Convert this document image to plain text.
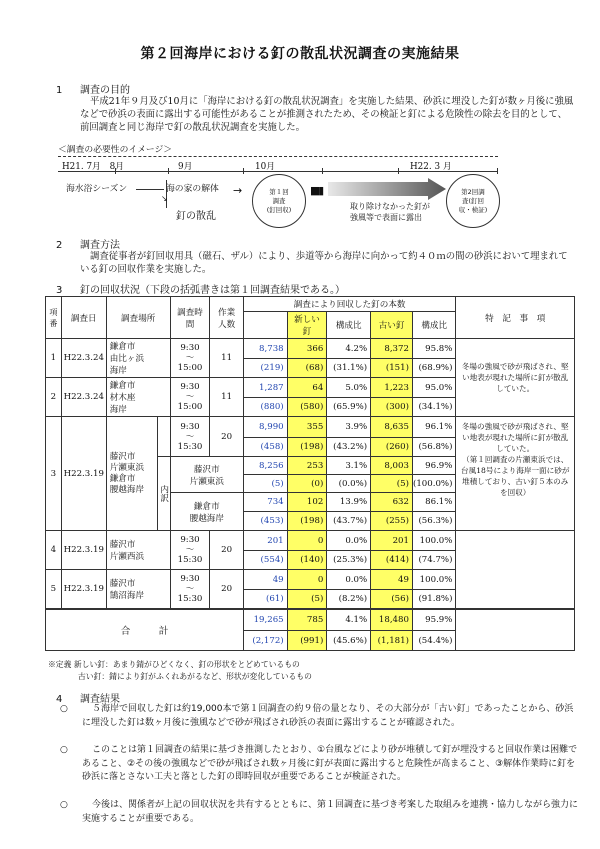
第２回海岸における釘の散乱状況調査の実施結果
1 調査の目的
平成21年９月及び10月に「海岸における釘の散乱状況調査」を実施した結果、砂浜に埋没した釘が数ヶ月後に強風などで砂浜の表面に露出する可能性があることが推測されたため、その検証と釘による危険性の除去を目的として、前回調査と同じ海岸で釘の散乱状況調査を実施した。
＜調査の必要性のイメージ＞
H21. 7月　8月	9月	10月	H22. 3 月
海水浴シーズン	海の家の解体
↘
釘の散乱
→	第１回
調査
(釘回収)
▮▮▮
取り除けなかった釘が
強風等で表面に露出
第2回調
査(釘回
収・検証)
2 調査方法
調査従事者が釘回収用具（磁石、ザル）により、歩道等から海岸に向かって約４０ｍの間の砂浜において埋まれている釘の回収作業を実施した。
3 釘の回収状況（下段の括弧書きは第１回調査結果である。）
項番	調査日	調査場所		調査時間	作業人数	調査により回収した釘の本数					特　記　事　項
							新しい釘	構成比	古い釘	構成比	
1	H22.3.24	鎌倉市
由比ヶ浜
海岸		9:30
～
15:00	11	8,738	366	4.2%	8,372	95.8%	冬場の強風で砂が飛ばされ、堅い地表が現れた場所に釘が散乱していた。
						(219)	(68)	(31.1%)	(151)	(68.9%)	
2	H22.3.24	鎌倉市
材木座
海岸		9:30
～
15:00	11	1,287	64	5.0%	1,223	95.0%	
						(880)	(580)	(65.9%)	(300)	(34.1%)	
3	H22.3.19	藤沢市
片瀬東浜
鎌倉市
腰越海岸		9:30
～
15:30	20	8,990	355	3.9%	8,635	96.1%	冬場の強風で砂が飛ばされ、堅い地表が現れた場所に釘が散乱していた。
（第１回調査の片瀬東浜では、台風18号により海岸一面に砂が堆積しており、古い釘５本のみを回収）
						(458)	(198)	(43.2%)	(260)	(56.8%)	
			内訳	藤沢市
片瀬東浜		8,256	253	3.1%	8,003	96.9%	
						(5)	(0)	(0.0%)	(5)	(100.0%)	
				鎌倉市
腰越海岸		734	102	13.9%	632	86.1%	
						(453)	(198)	(43.7%)	(255)	(56.3%)	
4	H22.3.19	藤沢市
片瀬西浜		9:30
～
15:30	20	201	0	0.0%	201	100.0%	
						(554)	(140)	(25.3%)	(414)	(74.7%)	
5	H22.3.19	藤沢市
鵠沼海岸		9:30
～
15:30	20	49	0	0.0%	49	100.0%	
						(61)	(5)	(8.2%)	(56)	(91.8%)	
合　　　計						19,265	785	4.1%	18,480	95.9%	
						(2,172)	(991)	(45.6%)	(1,181)	(54.4%)	
※定義 新しい釘：あまり錆がひどくなく、釘の形状をとどめているもの
古い釘：錆により釘がふくれあがるなど、形状が変化しているもの
4 調査結果
○	５海岸で回収した釘は約19,000本で第１回調査の約９倍の量となり、その大部分が「古い釘」であったことから、砂浜に埋没した釘は数ヶ月後に強風などで砂が飛ばされ砂浜の表面に露出することが確認された。
○	このことは第１回調査の結果に基づき推測したとおり、①台風などにより砂が堆積して釘が埋没すると回収作業は困難であること、②その後の強風などで砂が飛ばされ数ヶ月後に釘が表面に露出すると危険性が高まること、③解体作業時に釘を砂浜に落とさない工夫と落とした釘の即時回収が重要であることが検証された。
○	今後は、関係者が上記の回収状況を共有するとともに、第１回調査に基づき考案した取組みを連携・協力しながら強力に実施することが重要である。
